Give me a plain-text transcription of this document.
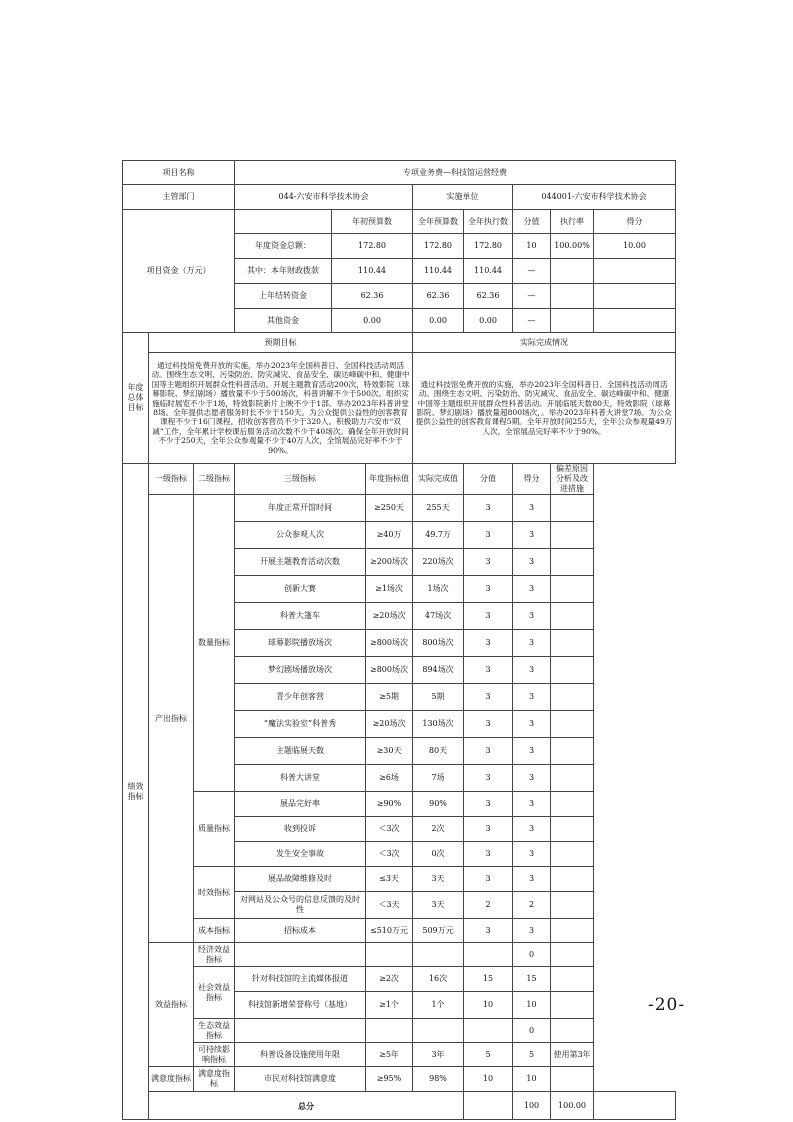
项目名称			专项业务费—科技馆运营经费							
主管部门			044-六安市科学技术协会			实施单位		044001-六安市科学技术协会		
项目资金（万元）				年初预算数		全年预算数	全年执行数	分值	执行率	得分
			年度资金总额：	172.80		172.80	172.80	10	100.00%	10.00
			其中：本年财政拨款	110.44		110.44	110.44	—		
			上年结转资金	62.36		62.36	62.36	—		
			其他资金	0.00		0.00	0.00	—		
年度总体目标	预期目标					实际完成情况				
	通过科技馆免费开放的实施，举办2023年全国科普日、全国科技活动周活动。围绕生态文明、污染防治、防灾减灾、食品安全、碳达峰碳中和、健康中国等主题组织开展群众性科普活动。开展主题教育活动200次，特效影院（球幕影院、梦幻剧场）播放量不少于500场次，科普讲解不少于500次。组织实施临时展览不少于1场，特效影院新片上映不少于1部。举办2023年科普讲堂8场。全年提供志愿者服务时长不少于150天。为公众提供公益性的创客教育课程不少于16门课程，招收创客营员不少于320人。积极助力六安市“双减”工作，全年累计学校课后服务活动次数不少于40场次。确保全年开放时间不少于250天，全年公众参观量不少于40万人次，全馆展品完好率不少于90%。					通过科技馆免费开放的实施，举办2023年全国科普日、全国科技活动周活动。围绕生态文明、污染防治、防灾减灾、食品安全、碳达峰碳中和、健康中国等主题组织开展群众性科普活动。开展临展天数80天，特效影院（球幕影院、梦幻剧场）播放量超800场次，。举办2023年科普大讲堂7场。为公众提供公益性的创客教育课程5期。全年开放时间255天，全年公众参观量49万人次，全馆展品完好率不少于90%。				
绩效指标	一级指标	二级指标	三级指标		年度指标值	实际完成值	分值	得分	偏差原因分析及改进措施	
	产出指标	数量指标	年度正常开馆时间		≥250天	255天	3	3		
			公众参观人次		≥40万	49.7万	3	3		
			开展主题教育活动次数		≥200场次	220场次	3	3		
			创新大赛		≥1场次	1场次	3	3		
			科普大篷车		≥20场次	47场次	3	3		
			球幕影院播放场次		≥800场次	800场次	3	3		
			梦幻剧场播放场次		≥800场次	894场次	3	3		
			青少年创客营		≥5期	5期	3	3		
			“魔法实验室”科普秀		≥20场次	130场次	3	3		
			主题临展天数		≥30天	80天	3	3		
			科普大讲堂		≥6场	7场	3	3		
		质量指标	展品完好率		≥90%	90%	3	3		
			收到投诉		＜3次	2次	3	3		
			发生安全事故		＜3次	0次	3	3		
		时效指标	展品故障维修及时		≤3天	3天	3	3		
			对网站及公众号的信息反馈的及时性		＜3天	3天	2	2		
		成本指标	招标成本		≤510万元	509万元	3	3		
	效益指标	经济效益指标						0		
		社会效益指标	针对科技馆的主流媒体报道		≥2次	16次	15	15		
			科技馆新增荣誉称号（基地）		≥1个	1个	10	10		
		生态效益指标						0		
		可持续影响指标	科普设备设施使用年限		≥5年	3年	5	5	使用第3年	
	满意度指标	满意度指标	市民对科技馆满意度		≥95%	98%	10	10		
	总分							100	100.00	
-20-
